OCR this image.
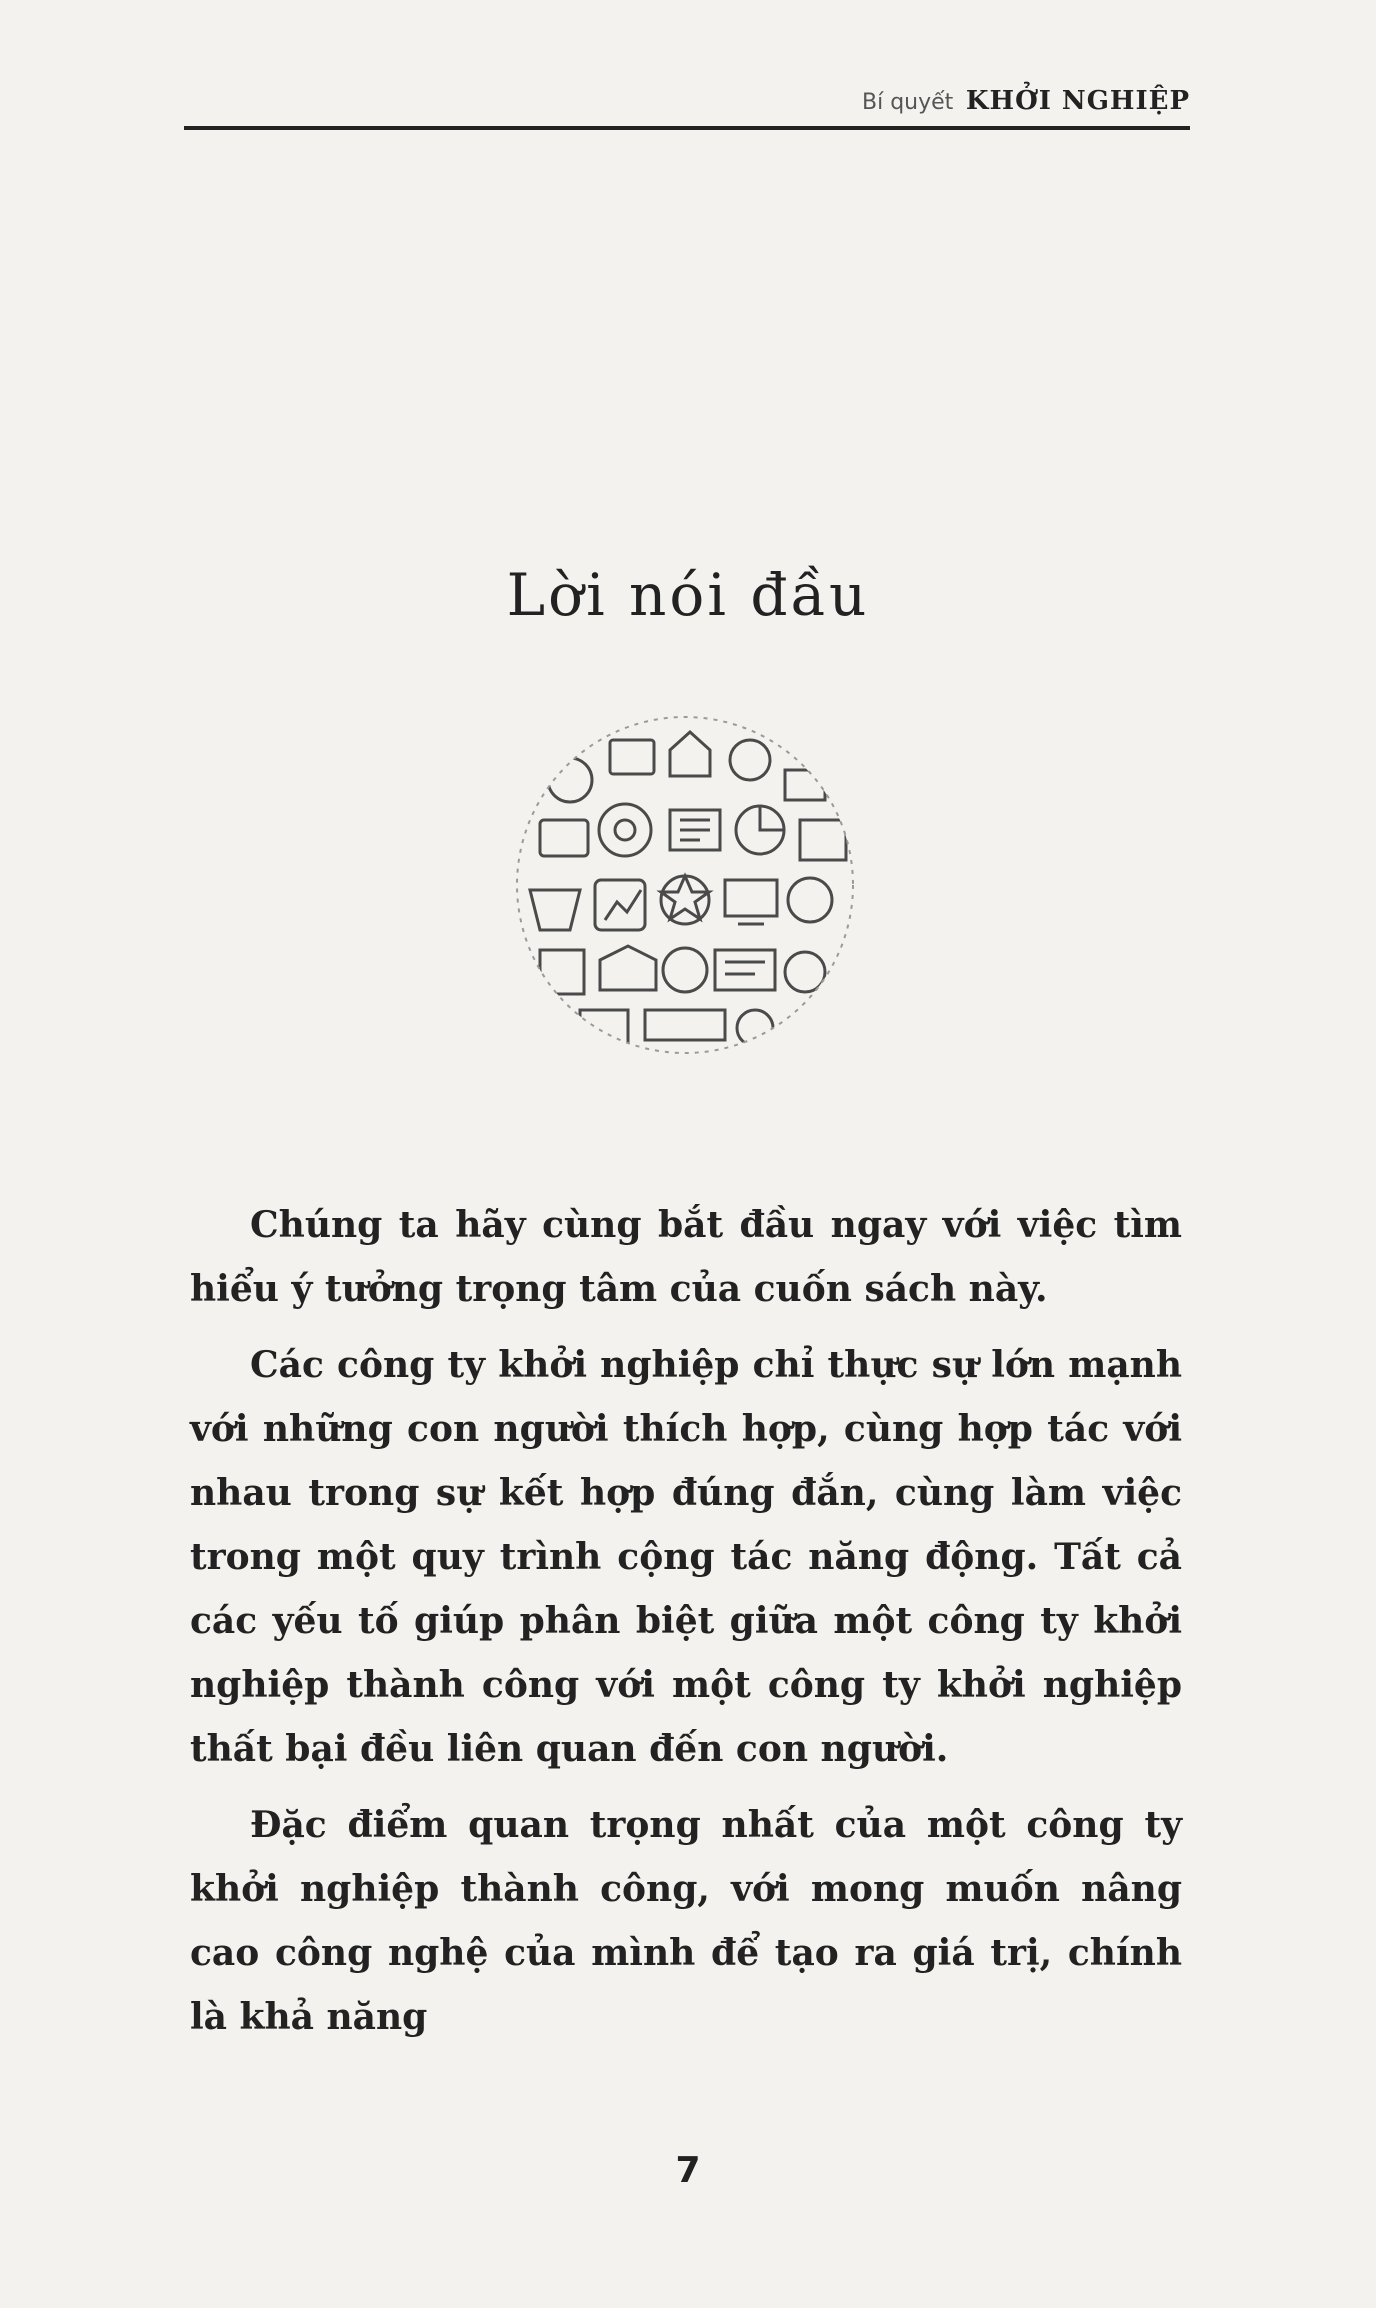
Bí quyết KHỞI NGHIỆP
Lời nói đầu

Chúng ta hãy cùng bắt đầu ngay với việc tìm hiểu ý tưởng trọng tâm của cuốn sách này.

Các công ty khởi nghiệp chỉ thực sự lớn mạnh với những con người thích hợp, cùng hợp tác với nhau trong sự kết hợp đúng đắn, cùng làm việc trong một quy trình cộng tác năng động. Tất cả các yếu tố giúp phân biệt giữa một công ty khởi nghiệp thành công với một công ty khởi nghiệp thất bại đều liên quan đến con người.

Đặc điểm quan trọng nhất của một công ty khởi nghiệp thành công, với mong muốn nâng cao công nghệ của mình để tạo ra giá trị, chính là khả năng

7
